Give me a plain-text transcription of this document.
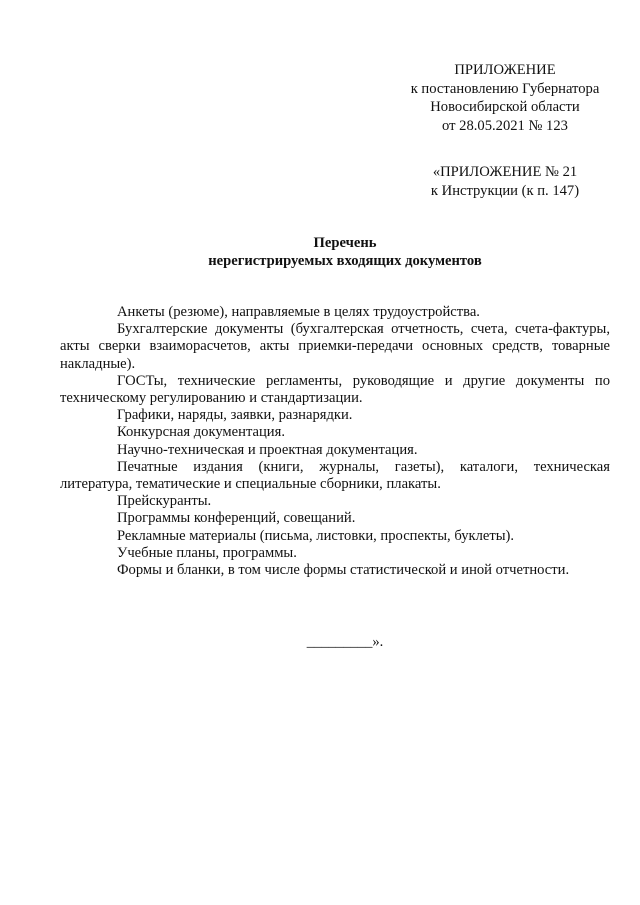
ПРИЛОЖЕНИЕ
к постановлению Губернатора
Новосибирской области
от 28.05.2021 № 123
«ПРИЛОЖЕНИЕ № 21
к Инструкции (к п. 147)
Перечень
нерегистрируемых входящих документов

Анкеты (резюме), направляемые в целях трудоустройства.

Бухгалтерские документы (бухгалтерская отчетность, счета, счета-фактуры, акты сверки взаиморасчетов, акты приемки-передачи основных средств, товарные накладные).

ГОСТы, технические регламенты, руководящие и другие документы по техническому регулированию и стандартизации.

Графики, наряды, заявки, разнарядки.

Конкурсная документация.

Научно-техническая и проектная документация.

Печатные издания (книги, журналы, газеты), каталоги, техническая литература, тематические и специальные сборники, плакаты.

Прейскуранты.

Программы конференций, совещаний.

Рекламные материалы (письма, листовки, проспекты, буклеты).

Учебные планы, программы.

Формы и бланки, в том числе формы статистической и иной отчетности.

_________».
